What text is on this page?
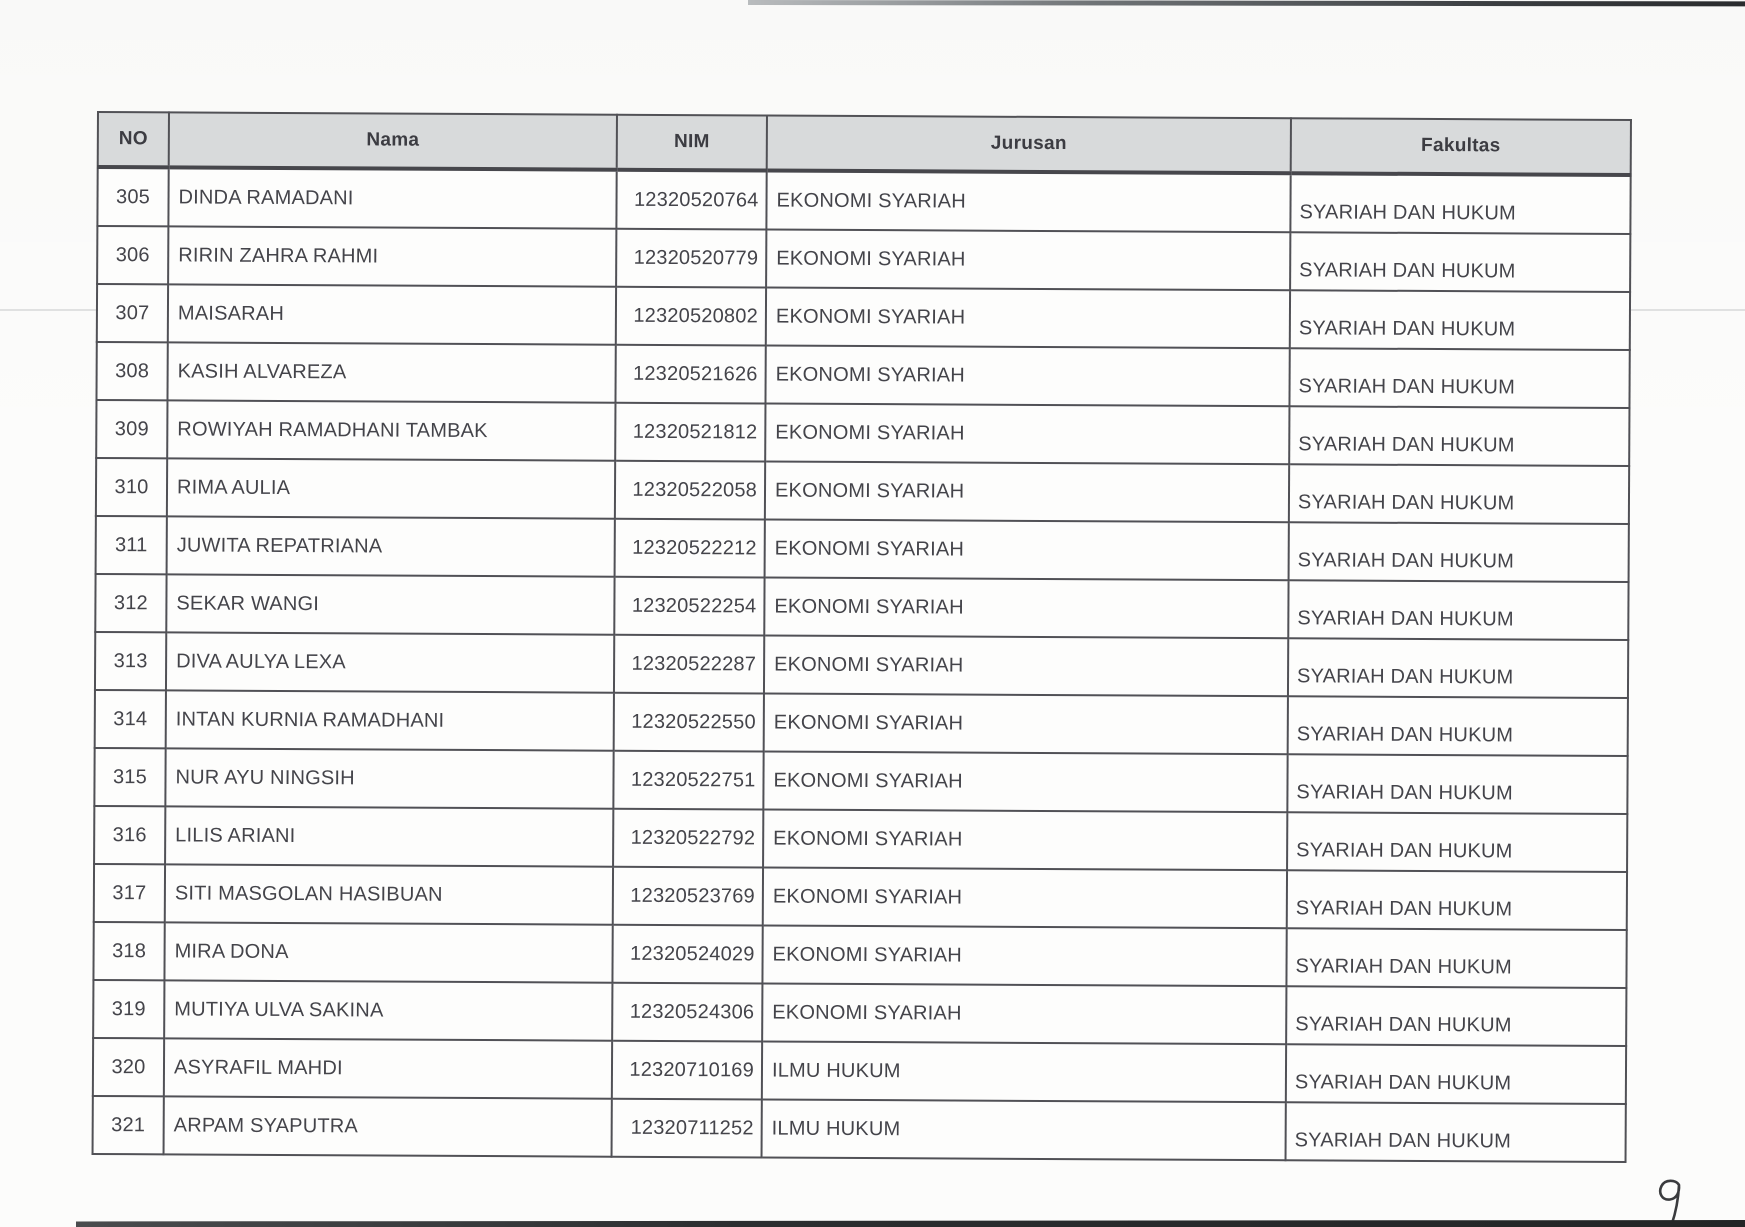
NO	Nama	NIM	Jurusan	Fakultas
305	DINDA RAMADANI	12320520764	EKONOMI SYARIAH	SYARIAH DAN HUKUM
306	RIRIN ZAHRA RAHMI	12320520779	EKONOMI SYARIAH	SYARIAH DAN HUKUM
307	MAISARAH	12320520802	EKONOMI SYARIAH	SYARIAH DAN HUKUM
308	KASIH ALVAREZA	12320521626	EKONOMI SYARIAH	SYARIAH DAN HUKUM
309	ROWIYAH RAMADHANI TAMBAK	12320521812	EKONOMI SYARIAH	SYARIAH DAN HUKUM
310	RIMA AULIA	12320522058	EKONOMI SYARIAH	SYARIAH DAN HUKUM
311	JUWITA REPATRIANA	12320522212	EKONOMI SYARIAH	SYARIAH DAN HUKUM
312	SEKAR WANGI	12320522254	EKONOMI SYARIAH	SYARIAH DAN HUKUM
313	DIVA AULYA LEXA	12320522287	EKONOMI SYARIAH	SYARIAH DAN HUKUM
314	INTAN KURNIA RAMADHANI	12320522550	EKONOMI SYARIAH	SYARIAH DAN HUKUM
315	NUR AYU NINGSIH	12320522751	EKONOMI SYARIAH	SYARIAH DAN HUKUM
316	LILIS ARIANI	12320522792	EKONOMI SYARIAH	SYARIAH DAN HUKUM
317	SITI MASGOLAN HASIBUAN	12320523769	EKONOMI SYARIAH	SYARIAH DAN HUKUM
318	MIRA DONA	12320524029	EKONOMI SYARIAH	SYARIAH DAN HUKUM
319	MUTIYA ULVA SAKINA	12320524306	EKONOMI SYARIAH	SYARIAH DAN HUKUM
320	ASYRAFIL MAHDI	12320710169	ILMU HUKUM	SYARIAH DAN HUKUM
321	ARPAM SYAPUTRA	12320711252	ILMU HUKUM	SYARIAH DAN HUKUM
